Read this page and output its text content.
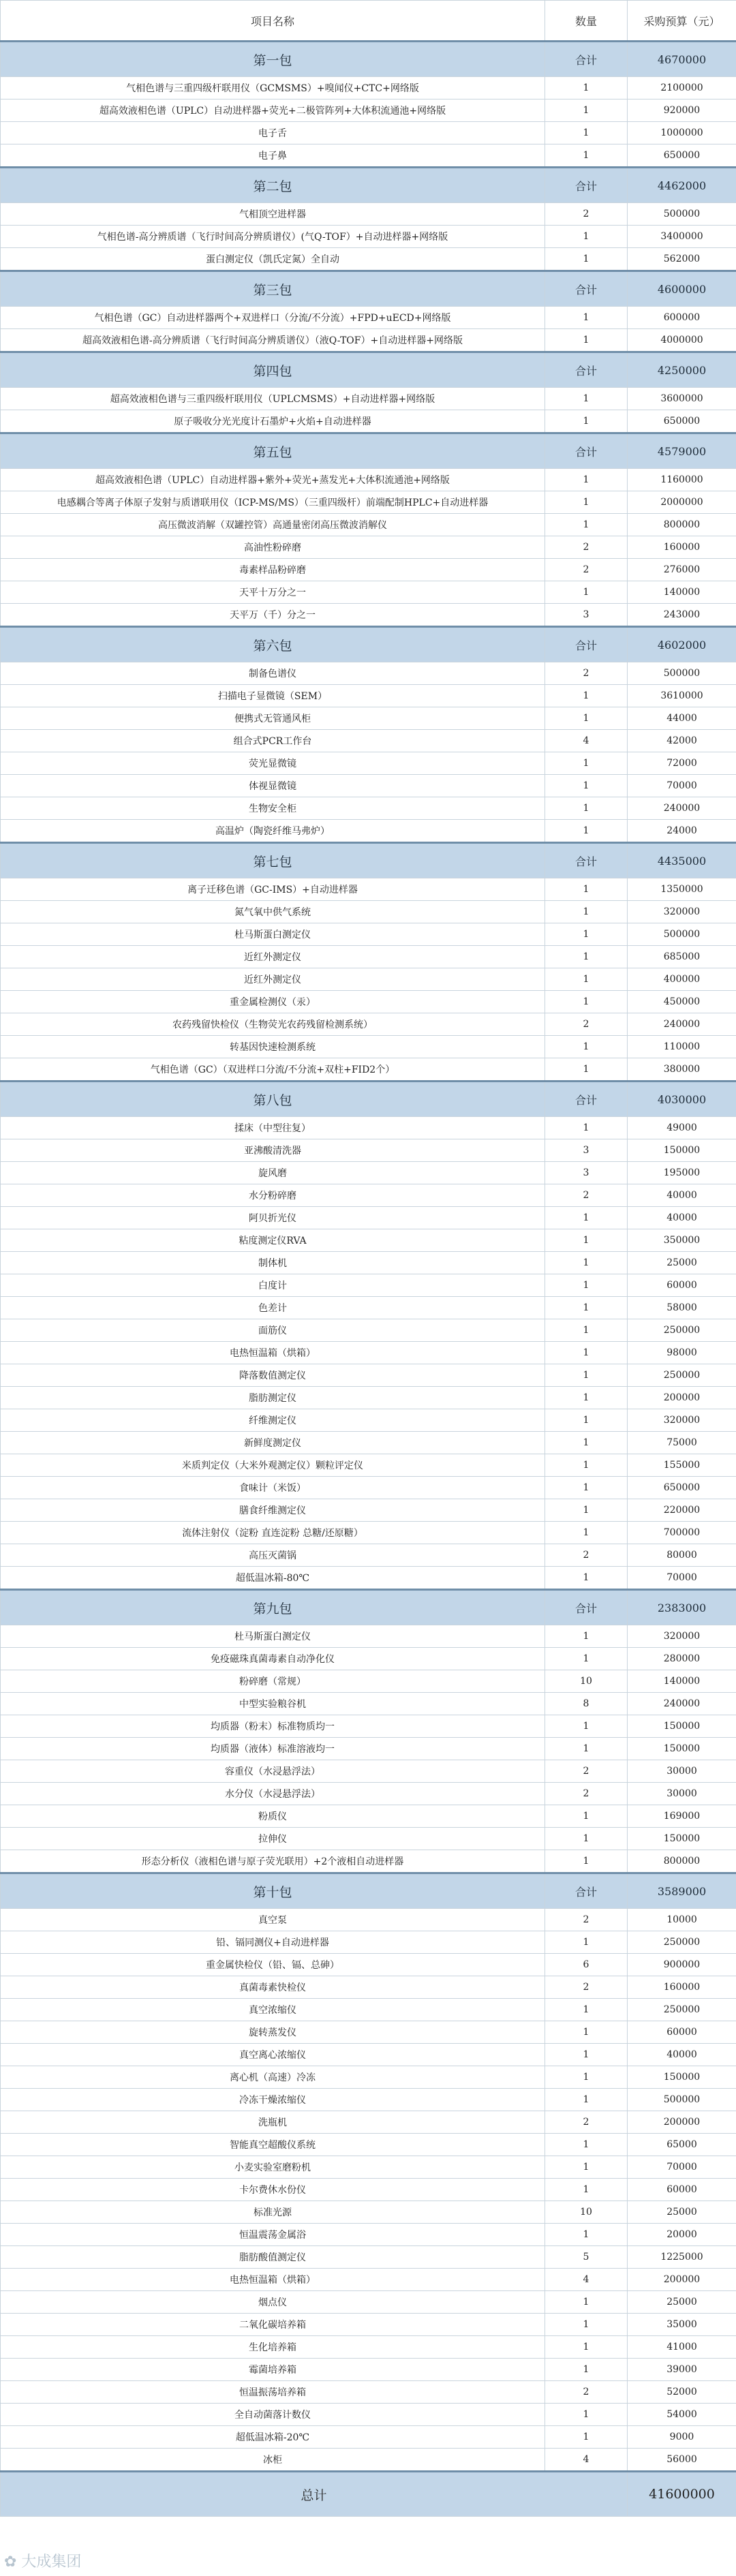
项目名称	数量	采购预算（元）
第一包	合计	4670000
气相色谱与三重四级杆联用仪（GCMSMS）+嗅闻仪+CTC+网络版	1	2100000
超高效液相色谱（UPLC）自动进样器+荧光+二极管阵列+大体积流通池+网络版	1	920000
电子舌	1	1000000
电子鼻	1	650000
第二包	合计	4462000
气相顶空进样器	2	500000
气相色谱-高分辨质谱（飞行时间高分辨质谱仪）(气Q-TOF）+自动进样器+网络版	1	3400000
蛋白测定仪（凯氏定氮）全自动	1	562000
第三包	合计	4600000
气相色谱（GC）自动进样器两个+双进样口（分流/不分流）+FPD+uECD+网络版	1	600000
超高效液相色谱-高分辨质谱（飞行时间高分辨质谱仪）（液Q-TOF）+自动进样器+网络版	1	4000000
第四包	合计	4250000
超高效液相色谱与三重四级杆联用仪（UPLCMSMS）+自动进样器+网络版	1	3600000
原子吸收分光光度计石墨炉+火焰+自动进样器	1	650000
第五包	合计	4579000
超高效液相色谱（UPLC）自动进样器+紫外+荧光+蒸发光+大体积流通池+网络版	1	1160000
电感耦合等离子体原子发射与质谱联用仪（ICP-MS/MS）（三重四级杆）前端配制HPLC+自动进样器	1	2000000
高压微波消解（双罐控管）高通量密闭高压微波消解仪	1	800000
高油性粉碎磨	2	160000
毒素样品粉碎磨	2	276000
天平十万分之一	1	140000
天平万（千）分之一	3	243000
第六包	合计	4602000
制备色谱仪	2	500000
扫描电子显微镜（SEM）	1	3610000
便携式无管通风柜	1	44000
组合式PCR工作台	4	42000
荧光显微镜	1	72000
体视显微镜	1	70000
生物安全柜	1	240000
高温炉（陶瓷纤维马弗炉）	1	24000
第七包	合计	4435000
离子迁移色谱（GC-IMS）+自动进样器	1	1350000
氮气氧中供气系统	1	320000
杜马斯蛋白测定仪	1	500000
近红外测定仪	1	685000
近红外测定仪	1	400000
重金属检测仪（汞）	1	450000
农药残留快检仪（生物荧光农药残留检测系统）	2	240000
转基因快速检测系统	1	110000
气相色谱（GC）（双进样口分流/不分流+双柱+FID2个）	1	380000
第八包	合计	4030000
揉床（中型往复）	1	49000
亚沸酸清洗器	3	150000
旋风磨	3	195000
水分粉碎磨	2	40000
阿贝折光仪	1	40000
粘度测定仪RVA	1	350000
制体机	1	25000
白度计	1	60000
色差计	1	58000
面筋仪	1	250000
电热恒温箱（烘箱）	1	98000
降落数值测定仪	1	250000
脂肪测定仪	1	200000
纤维测定仪	1	320000
新鲜度测定仪	1	75000
米质判定仪（大米外观测定仪）颗粒评定仪	1	155000
食味计（米饭）	1	650000
膳食纤维测定仪	1	220000
流体注射仪（淀粉 直连淀粉 总糖/还原糖）	1	700000
高压灭菌锅	2	80000
超低温冰箱-80℃	1	70000
第九包	合计	2383000
杜马斯蛋白测定仪	1	320000
免疫磁珠真菌毒素自动净化仪	1	280000
粉碎磨（常规）	10	140000
中型实验粮谷机	8	240000
均质器（粉末）标准物质均一	1	150000
均质器（液体）标准溶液均一	1	150000
容重仪（水浸悬浮法）	2	30000
水分仪（水浸悬浮法）	2	30000
粉质仪	1	169000
拉伸仪	1	150000
形态分析仪（液相色谱与原子荧光联用）+2个液相自动进样器	1	800000
第十包	合计	3589000
真空泵	2	10000
铅、镉同测仪+自动进样器	1	250000
重金属快检仪（铅、镉、总砷）	6	900000
真菌毒素快检仪	2	160000
真空浓缩仪	1	250000
旋转蒸发仪	1	60000
真空离心浓缩仪	1	40000
离心机（高速）冷冻	1	150000
冷冻干燥浓缩仪	1	500000
洗瓶机	2	200000
智能真空超酸仪系统	1	65000
小麦实验室磨粉机	1	70000
卡尔费休水份仪	1	60000
标准光源	10	25000
恒温震荡金属浴	1	20000
脂肪酸值测定仪	5	1225000
电热恒温箱（烘箱）	4	200000
烟点仪	1	25000
二氧化碳培养箱	1	35000
生化培养箱	1	41000
霉菌培养箱	1	39000
恒温振荡培养箱	2	52000
全自动菌落计数仪	1	54000
超低温冰箱-20℃	1	9000
冰柜	4	56000
总计		41600000
✿ 大成集团
